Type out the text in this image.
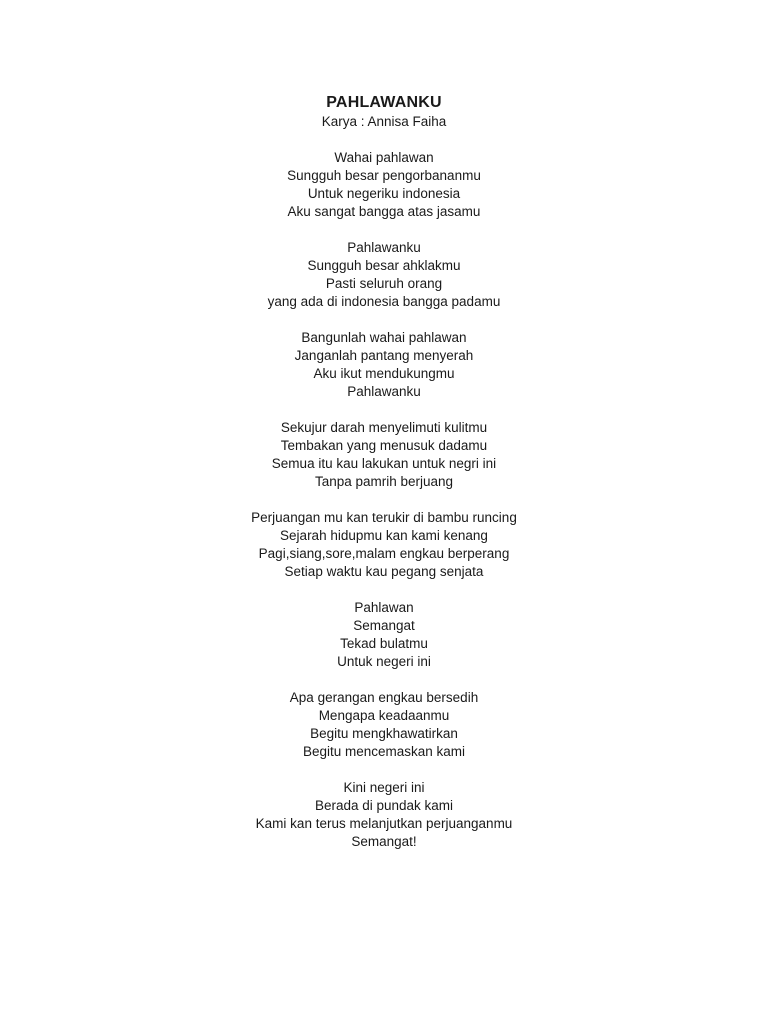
PAHLAWANKU
Karya : Annisa Faiha
Wahai pahlawan
Sungguh besar pengorbananmu
Untuk negeriku indonesia
Aku sangat bangga atas jasamu
Pahlawanku
Sungguh besar ahklakmu
Pasti seluruh orang
yang ada di indonesia bangga padamu
Bangunlah wahai pahlawan
Janganlah pantang menyerah
Aku ikut mendukungmu
Pahlawanku
Sekujur darah menyelimuti kulitmu
Tembakan yang menusuk dadamu
Semua itu kau lakukan untuk negri ini
Tanpa pamrih berjuang
Perjuangan mu kan terukir di bambu runcing
Sejarah hidupmu kan kami kenang
Pagi,siang,sore,malam engkau berperang
Setiap waktu kau pegang senjata
Pahlawan
Semangat
Tekad bulatmu
Untuk negeri ini
Apa gerangan engkau bersedih
Mengapa keadaanmu
Begitu mengkhawatirkan
Begitu mencemaskan kami
Kini negeri ini
Berada di pundak kami
Kami kan terus melanjutkan perjuanganmu
Semangat!
